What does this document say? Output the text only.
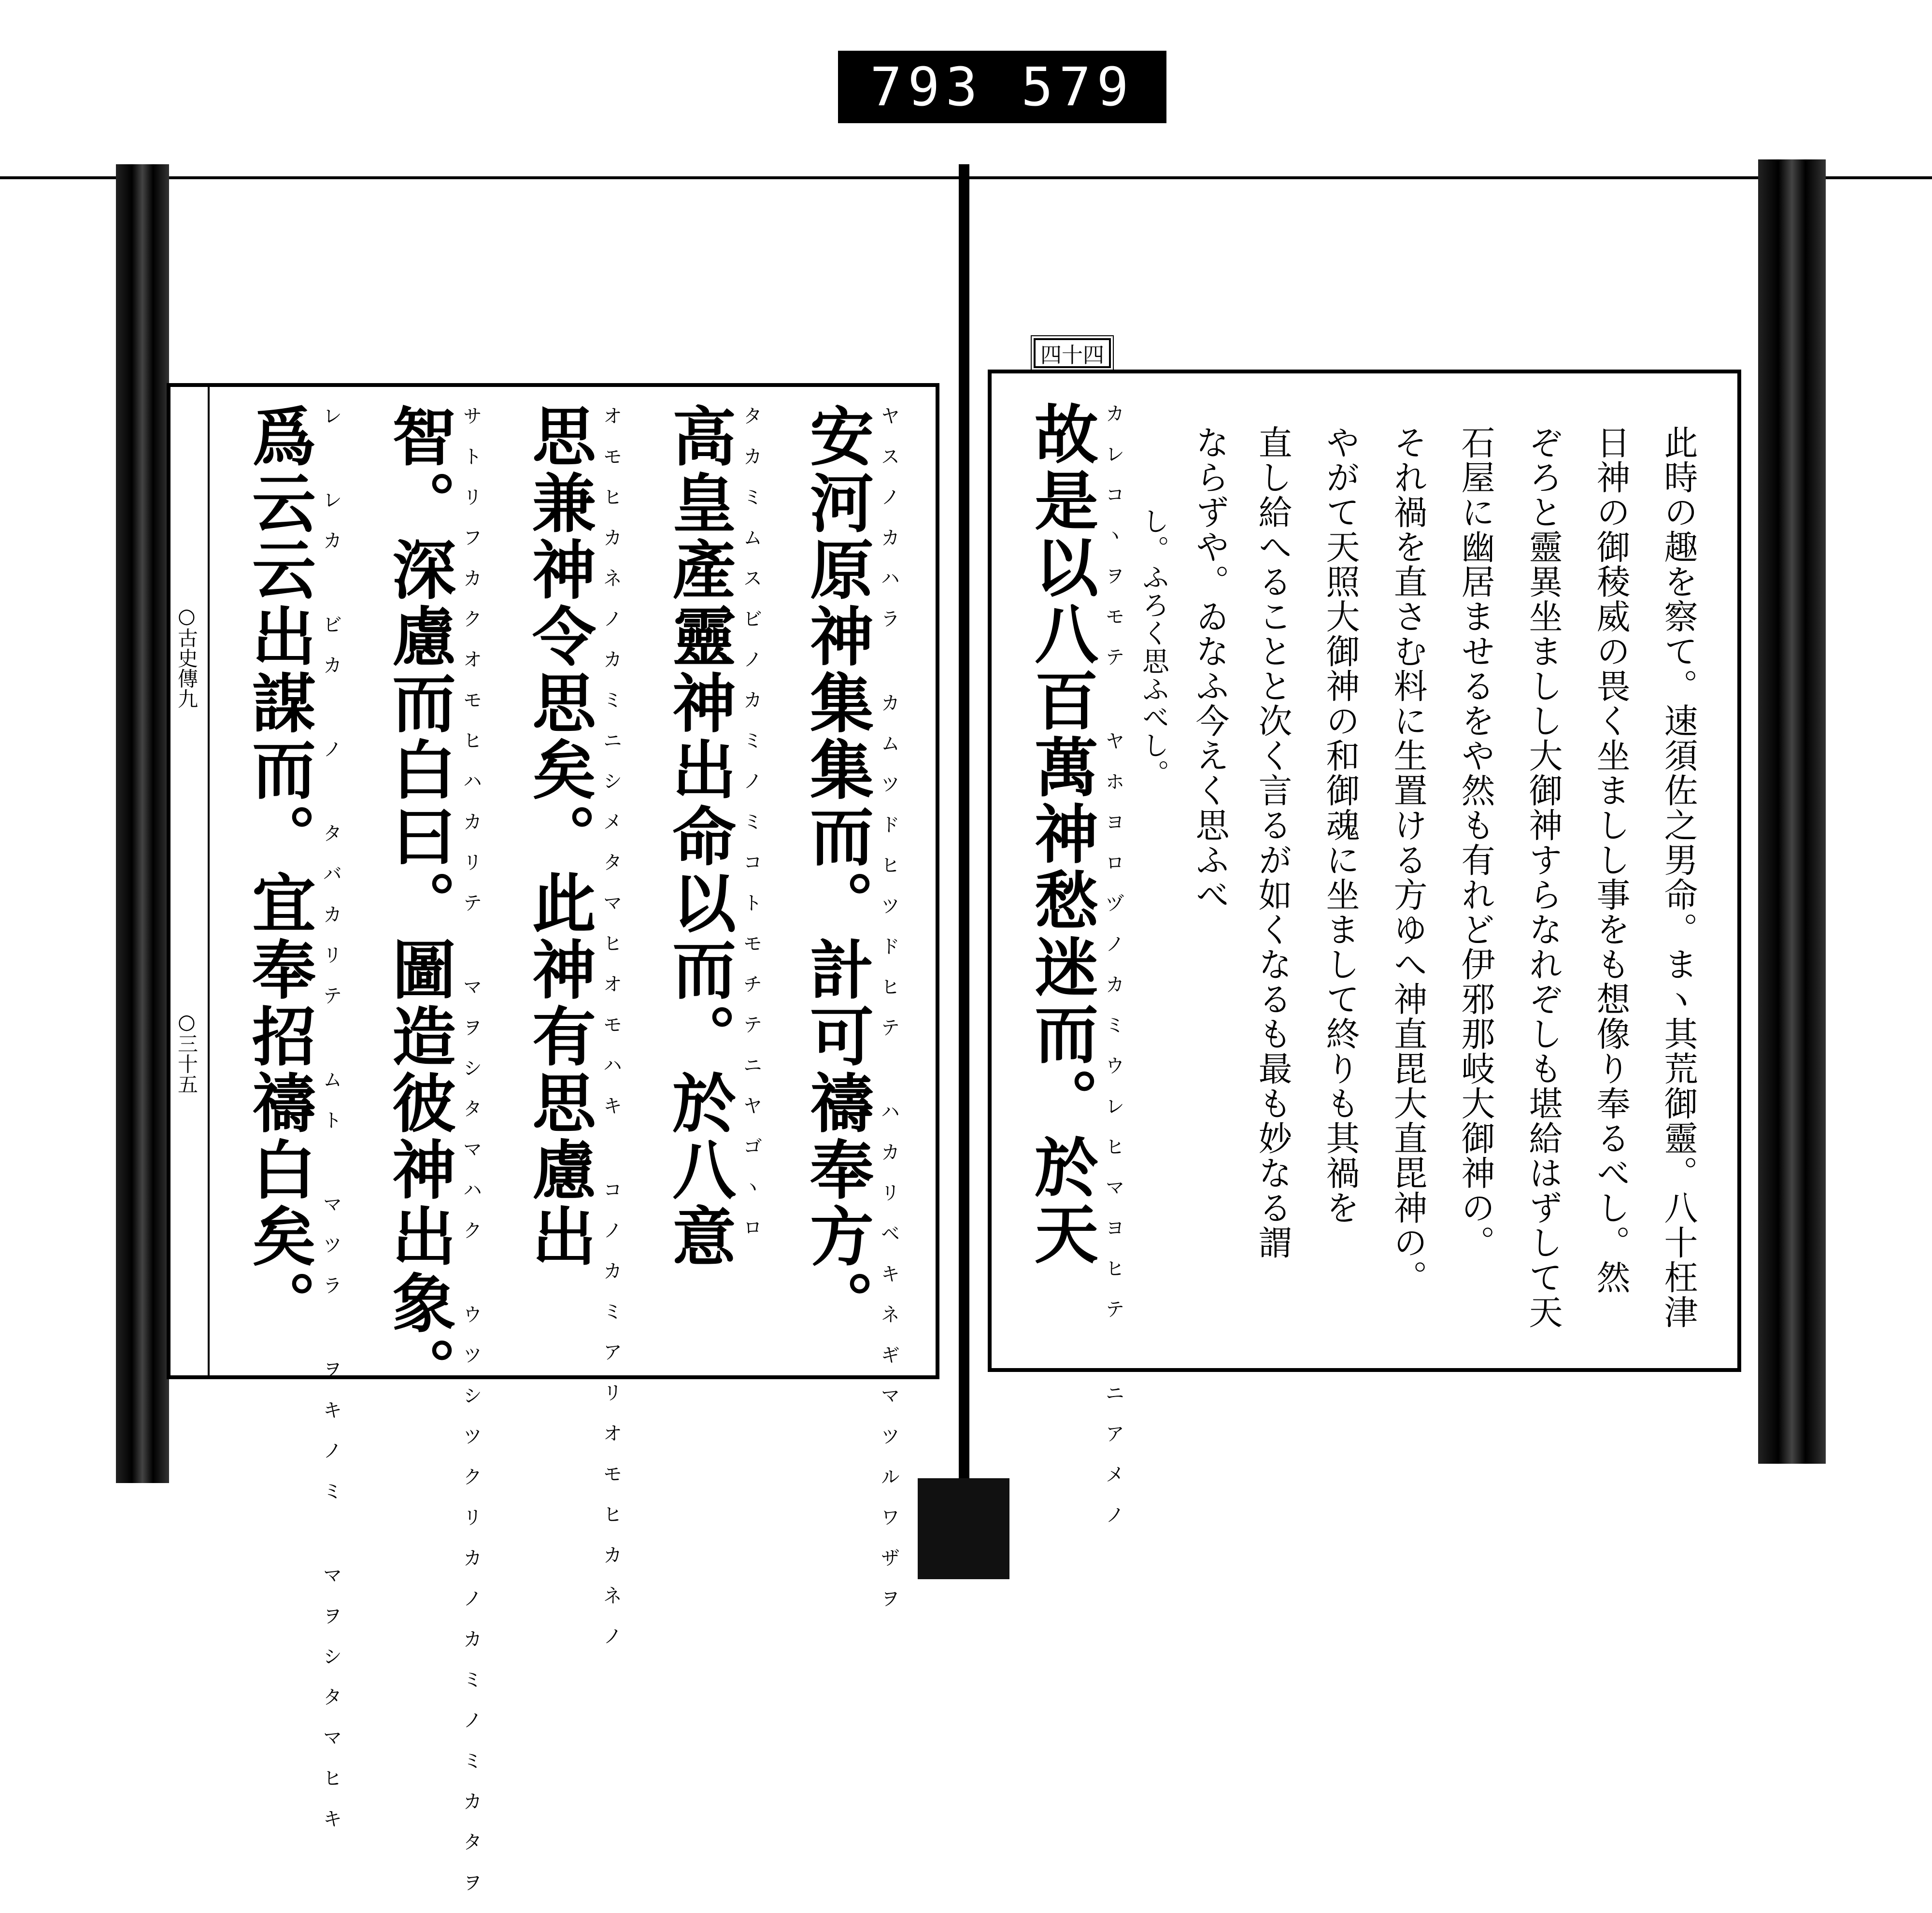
793 579
○古史傳九
○三十五	安河原神集集而。計可禱奉方。 ヤスノカハラ カムツドヒツドヒテ ハカリベキネギマツルワザヲ
高皇產靈神出命以而。於八意 タカミムスビノカミノミコトモチテニヤゴヽロ
思兼神令思矣。此神有思慮出 オモヒカネノカミニシメタマヒオモハキ コノカミアリオモヒカネノ
智。深慮而白曰。圖造彼神出象。 サトリフカクオモヒハカリテ マヲシタマハク ウツシツクリカノカミノミカタヲ
爲云云出謀而。宜奉招禱白矣。 レ レカ ビカ ノ タバカリテ ムト マツラ ヲキノミ マヲシタマヒキ
四十四
此時の趣を察て。速須佐之男命。まヽ其荒御靈。八十枉津
日神の御稜威の畏く坐ましし事をも想像り奉るべし。然
ぞろと靈異坐ましし大御神すらなれぞしも堪給はずして天
石屋に幽居ませるをや然も有れど伊邪那岐大御神の。
それ禍を直さむ料に生置ける方ゆへ神直毘大直毘神の。
やがて天照大御神の和御魂に坐まして終りも其禍を
直し給へることと次く言るが如くなるも最も妙なる謂
ならずや。ゐなふ今えく思ふべ
し。ふろく思ふべし。
故是以八百萬神愁迷而。於天 カレコヽヲモテ ヤホヨロヅノカミウレヒマヨヒテ ニアメノ
